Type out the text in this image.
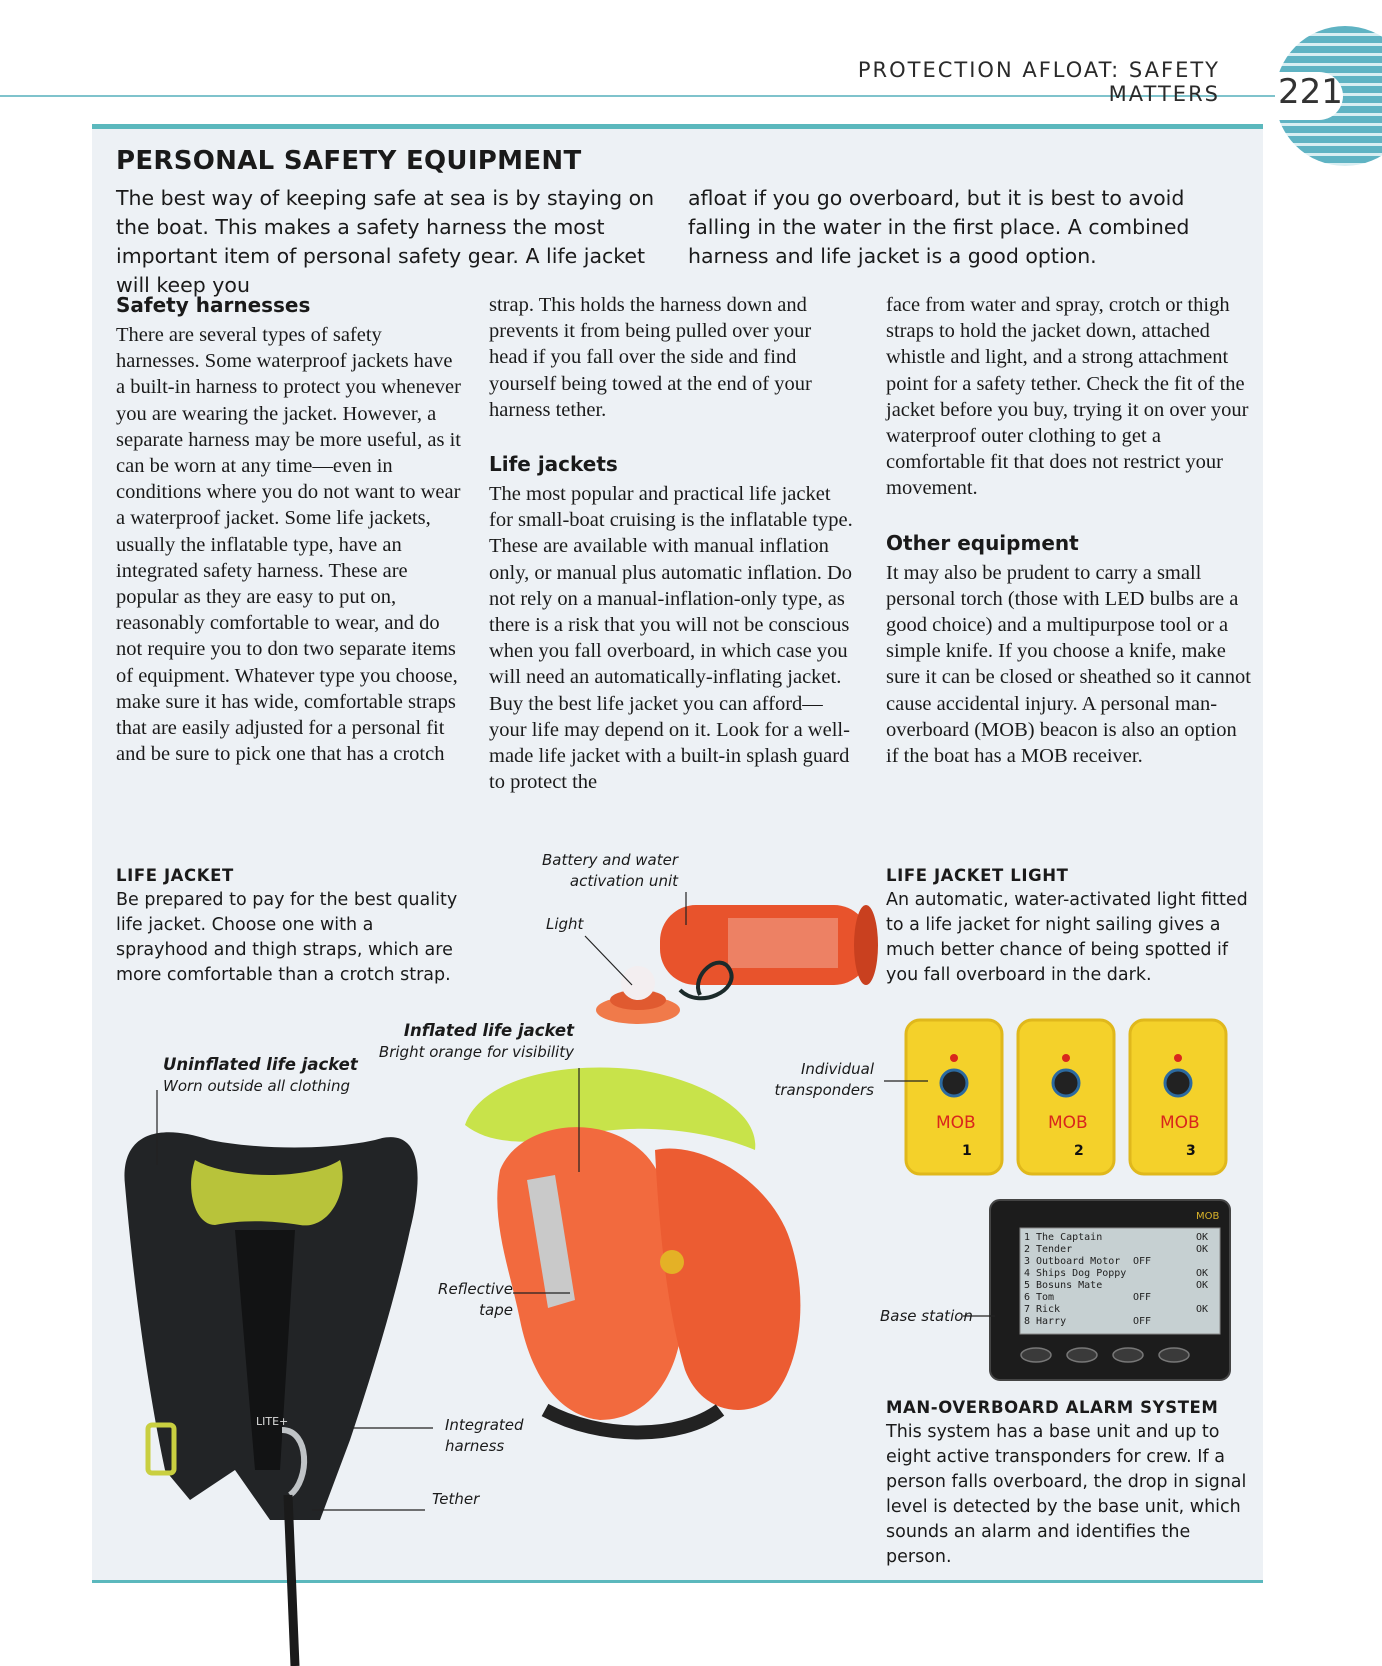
PROTECTION AFLOAT: SAFETY MATTERS 221
PERSONAL SAFETY EQUIPMENT
The best way of keeping safe at sea is by staying on the boat. This makes a safety harness the most important item of personal safety gear. A life jacket will keep you
afloat if you go overboard, but it is best to avoid falling in the water in the first place. A combined harness and life jacket is a good option.
Safety harnesses

There are several types of safety harnesses. Some waterproof jackets have a built-in harness to protect you whenever you are wearing the jacket. However, a separate harness may be more useful, as it can be worn at any time—even in conditions where you do not want to wear a waterproof jacket. Some life jackets, usually the inflatable type, have an integrated safety harness. These are popular as they are easy to put on, reasonably comfortable to wear, and do not require you to don two separate items of equipment. Whatever type you choose, make sure it has wide, comfortable straps that are easily adjusted for a personal fit and be sure to pick one that has a crotch

strap. This holds the harness down and prevents it from being pulled over your head if you fall over the side and find yourself being towed at the end of your harness tether.

Life jackets

The most popular and practical life jacket for small-boat cruising is the inflatable type. These are available with manual inflation only, or manual plus automatic inflation. Do not rely on a manual-inflation-only type, as there is a risk that you will not be conscious when you fall overboard, in which case you will need an automatically-inflating jacket. Buy the best life jacket you can afford—your life may depend on it. Look for a well-made life jacket with a built-in splash guard to protect the

face from water and spray, crotch or thigh straps to hold the jacket down, attached whistle and light, and a strong attachment point for a safety tether. Check the fit of the jacket before you buy, trying it on over your waterproof outer clothing to get a comfortable fit that does not restrict your movement.

Other equipment

It may also be prudent to carry a small personal torch (those with LED bulbs are a good choice) and a multipurpose tool or a simple knife. If you choose a knife, make sure it can be closed or sheathed so it cannot cause accidental injury. A personal man-overboard (MOB) beacon is also an option if the boat has a MOB receiver.

LIFE JACKET

Be prepared to pay for the best quality life jacket. Choose one with a sprayhood and thigh straps, which are more comfortable than a crotch strap.

LIFE JACKET LIGHT

An automatic, water-activated light fitted to a life jacket for night sailing gives a much better chance of being spotted if you fall overboard in the dark.

MAN-OVERBOARD ALARM SYSTEM

This system has a base unit and up to eight active transponders for crew. If a person falls overboard, the drop in signal level is detected by the base unit, which sounds an alarm and identifies the person.

LITE+
MOB	MOB	MOB
1	2	3
MOB
1 The Captain	OK
2 Tender	OK
3 Outboard Motor OFF
4 Ships Dog Poppy	OK
5 Bosuns Mate	OK
6 Tom	OFF
7 Rick	OK
8 Harry	OFF
Battery and water
activation unit
Light
Inflated life jacket
Bright orange for visibility
Uninflated life jacket
Worn outside all clothing
Reflective
tape
Integrated
harness
Tether
Individual
transponders
Base station
